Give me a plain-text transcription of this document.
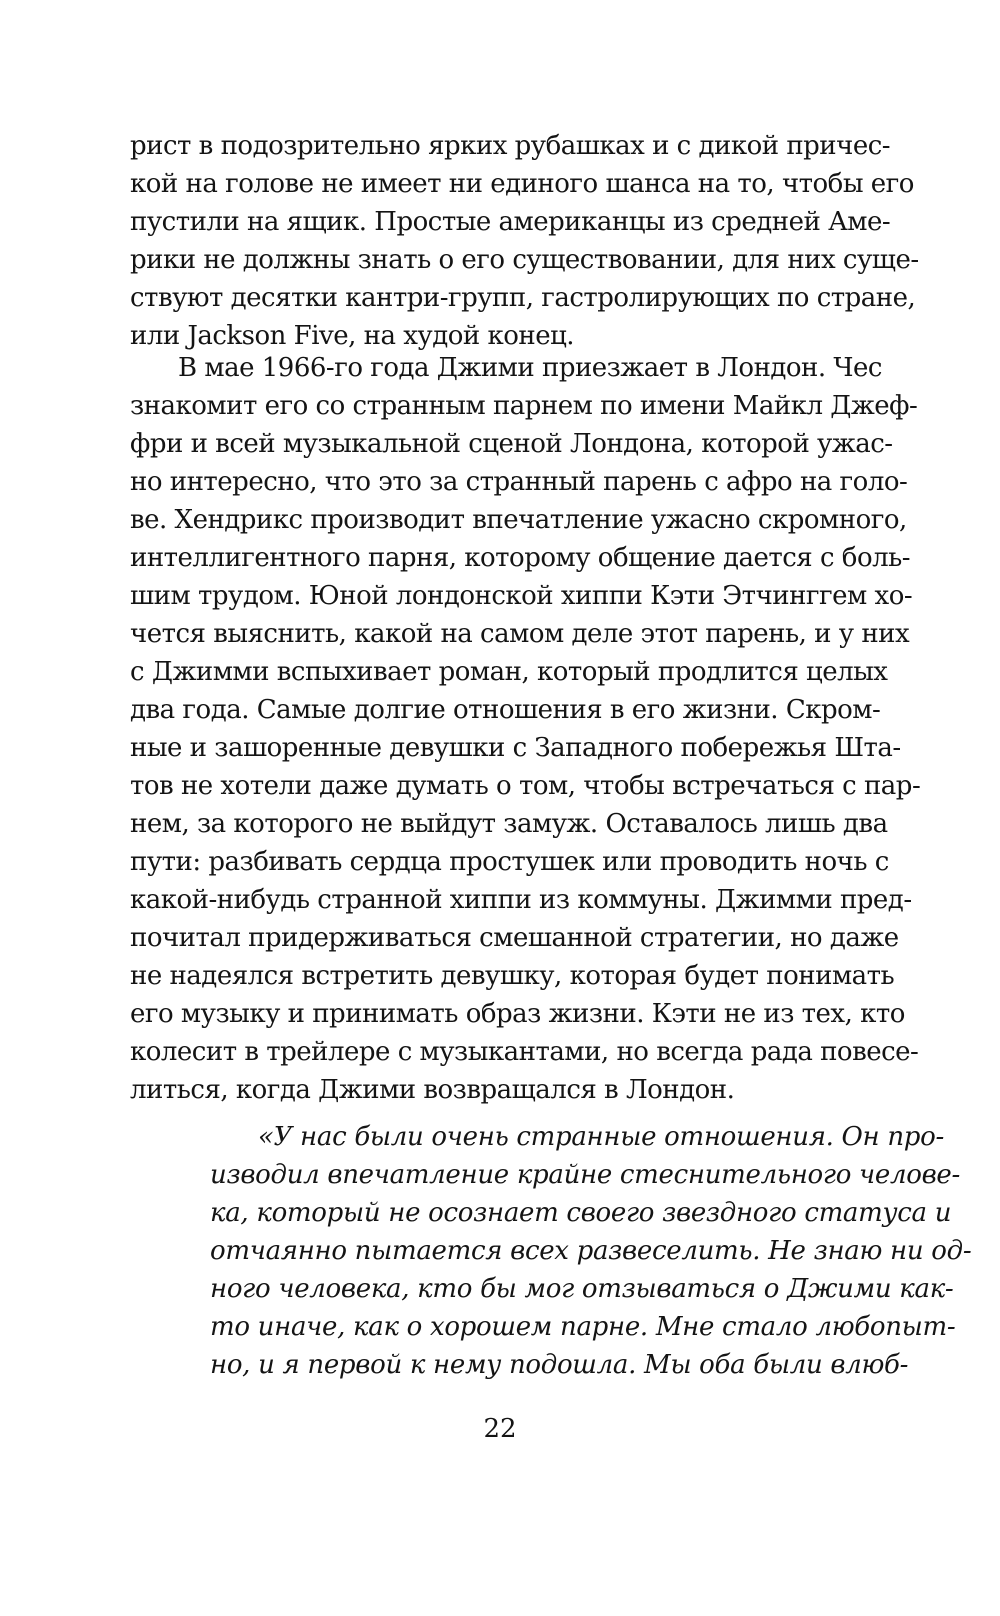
рист в подозрительно ярких рубашках и с дикой причес-
кой на голове не имеет ни единого шанса на то, чтобы его
пустили на ящик. Простые американцы из средней Аме-
рики не должны знать о его существовании, для них суще-
ствуют десятки кантри-групп, гастролирующих по стране,
или Jackson Five, на худой конец.
В мае 1966-го года Джими приезжает в Лондон. Чес
знакомит его со странным парнем по имени Майкл Джеф-
фри и всей музыкальной сценой Лондона, которой ужас-
но интересно, что это за странный парень с афро на голо-
ве. Хендрикс производит впечатление ужасно скромного,
интеллигентного парня, которому общение дается с боль-
шим трудом. Юной лондонской хиппи Кэти Этчинггем хо-
чется выяснить, какой на самом деле этот парень, и у них
с Джимми вспыхивает роман, который продлится целых
два года. Самые долгие отношения в его жизни. Скром-
ные и зашоренные девушки с Западного побережья Шта-
тов не хотели даже думать о том, чтобы встречаться с пар-
нем, за которого не выйдут замуж. Оставалось лишь два
пути: разбивать сердца простушек или проводить ночь с
какой-нибудь странной хиппи из коммуны. Джимми пред-
почитал придерживаться смешанной стратегии, но даже
не надеялся встретить девушку, которая будет понимать
его музыку и принимать образ жизни. Кэти не из тех, кто
колесит в трейлере с музыкантами, но всегда рада повесе-
литься, когда Джими возвращался в Лондон.
«У нас были очень странные отношения. Он про-
изводил впечатление крайне стеснительного челове-
ка, который не осознает своего звездного статуса и
отчаянно пытается всех развеселить. Не знаю ни од-
ного человека, кто бы мог отзываться о Джими как-
то иначе, как о хорошем парне. Мне стало любопыт-
но, и я первой к нему подошла. Мы оба были влюб-
22
